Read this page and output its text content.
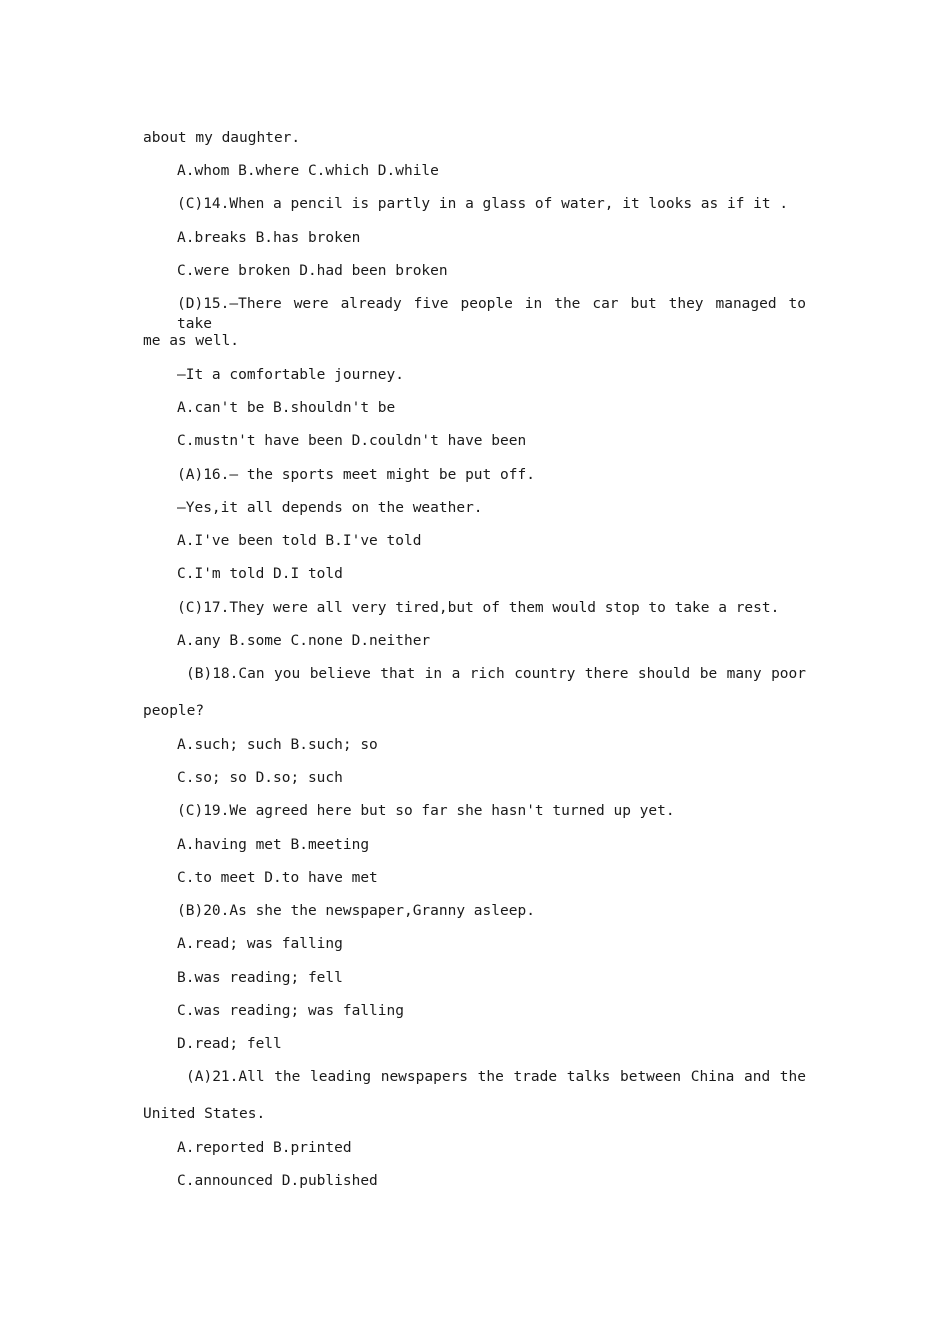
about my daughter.

A.whom B.where C.which D.while

(C)14.When a pencil is partly in a glass of water, it looks as if it .

A.breaks B.has broken

C.were broken D.had been broken

(D)15.—There were already five people in the car but they managed to take

me as well.

—It a comfortable journey.

A.can't be B.shouldn't be

C.mustn't have been D.couldn't have been

(A)16.— the sports meet might be put off.

—Yes,it all depends on the weather.

A.I've been told B.I've told

C.I'm told D.I told

(C)17.They were all very tired,but of them would stop to take a rest.

A.any B.some C.none D.neither

(B)18.Can you believe that in a rich country there should be many poor

people?

A.such; such B.such; so

C.so; so D.so; such

(C)19.We agreed here but so far she hasn't turned up yet.

A.having met B.meeting

C.to meet D.to have met

(B)20.As she the newspaper,Granny asleep.

A.read; was falling

B.was reading; fell

C.was reading; was falling

D.read; fell

(A)21.All the leading newspapers the trade talks between China and the

United States.

A.reported B.printed

C.announced D.published
